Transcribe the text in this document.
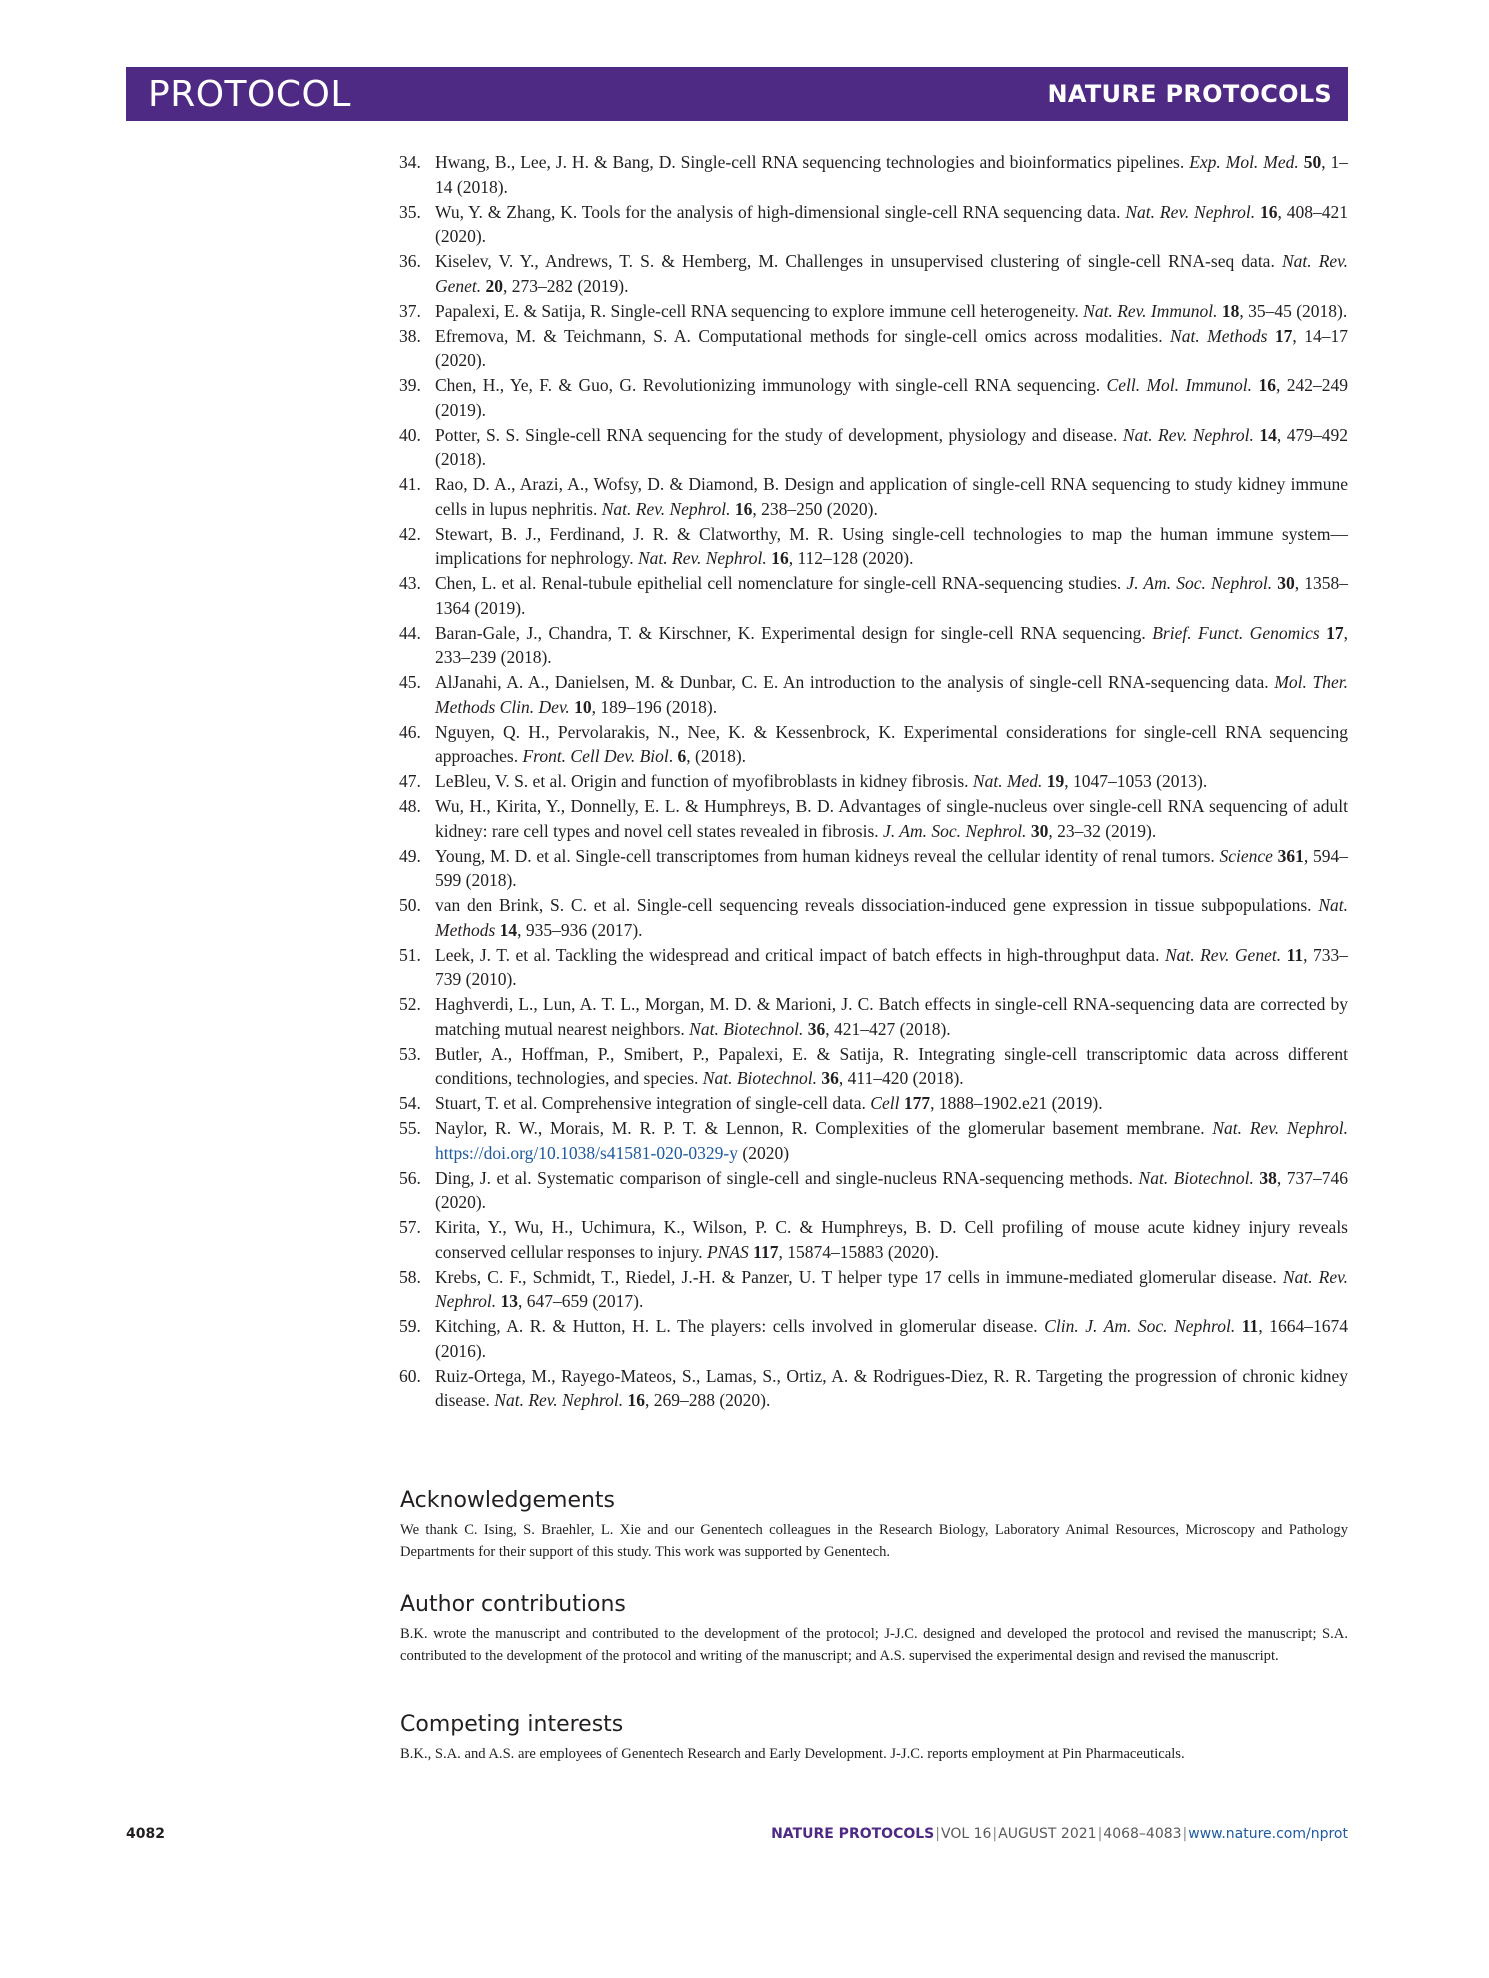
PROTOCOL	NATURE PROTOCOLS
34. Hwang, B., Lee, J. H. & Bang, D. Single-cell RNA sequencing technologies and bioinformatics pipelines. Exp. Mol. Med. 50, 1–14 (2018).
35. Wu, Y. & Zhang, K. Tools for the analysis of high-dimensional single-cell RNA sequencing data. Nat. Rev. Nephrol. 16, 408–421 (2020).
36. Kiselev, V. Y., Andrews, T. S. & Hemberg, M. Challenges in unsupervised clustering of single-cell RNA-seq data. Nat. Rev. Genet. 20, 273–282 (2019).
37. Papalexi, E. & Satija, R. Single-cell RNA sequencing to explore immune cell heterogeneity. Nat. Rev. Immunol. 18, 35–45 (2018).
38. Efremova, M. & Teichmann, S. A. Computational methods for single-cell omics across modalities. Nat. Methods 17, 14–17 (2020).
39. Chen, H., Ye, F. & Guo, G. Revolutionizing immunology with single-cell RNA sequencing. Cell. Mol. Immunol. 16, 242–249 (2019).
40. Potter, S. S. Single-cell RNA sequencing for the study of development, physiology and disease. Nat. Rev. Nephrol. 14, 479–492 (2018).
41. Rao, D. A., Arazi, A., Wofsy, D. & Diamond, B. Design and application of single-cell RNA sequencing to study kidney immune cells in lupus nephritis. Nat. Rev. Nephrol. 16, 238–250 (2020).
42. Stewart, B. J., Ferdinand, J. R. & Clatworthy, M. R. Using single-cell technologies to map the human immune system—implications for nephrology. Nat. Rev. Nephrol. 16, 112–128 (2020).
43. Chen, L. et al. Renal-tubule epithelial cell nomenclature for single-cell RNA-sequencing studies. J. Am. Soc. Nephrol. 30, 1358–1364 (2019).
44. Baran-Gale, J., Chandra, T. & Kirschner, K. Experimental design for single-cell RNA sequencing. Brief. Funct. Genomics 17, 233–239 (2018).
45. AlJanahi, A. A., Danielsen, M. & Dunbar, C. E. An introduction to the analysis of single-cell RNA-sequencing data. Mol. Ther. Methods Clin. Dev. 10, 189–196 (2018).
46. Nguyen, Q. H., Pervolarakis, N., Nee, K. & Kessenbrock, K. Experimental considerations for single-cell RNA sequencing approaches. Front. Cell Dev. Biol. 6, (2018).
47. LeBleu, V. S. et al. Origin and function of myofibroblasts in kidney fibrosis. Nat. Med. 19, 1047–1053 (2013).
48. Wu, H., Kirita, Y., Donnelly, E. L. & Humphreys, B. D. Advantages of single-nucleus over single-cell RNA sequencing of adult kidney: rare cell types and novel cell states revealed in fibrosis. J. Am. Soc. Nephrol. 30, 23–32 (2019).
49. Young, M. D. et al. Single-cell transcriptomes from human kidneys reveal the cellular identity of renal tumors. Science 361, 594–599 (2018).
50. van den Brink, S. C. et al. Single-cell sequencing reveals dissociation-induced gene expression in tissue subpopulations. Nat. Methods 14, 935–936 (2017).
51. Leek, J. T. et al. Tackling the widespread and critical impact of batch effects in high-throughput data. Nat. Rev. Genet. 11, 733–739 (2010).
52. Haghverdi, L., Lun, A. T. L., Morgan, M. D. & Marioni, J. C. Batch effects in single-cell RNA-sequencing data are corrected by matching mutual nearest neighbors. Nat. Biotechnol. 36, 421–427 (2018).
53. Butler, A., Hoffman, P., Smibert, P., Papalexi, E. & Satija, R. Integrating single-cell transcriptomic data across different conditions, technologies, and species. Nat. Biotechnol. 36, 411–420 (2018).
54. Stuart, T. et al. Comprehensive integration of single-cell data. Cell 177, 1888–1902.e21 (2019).
55. Naylor, R. W., Morais, M. R. P. T. & Lennon, R. Complexities of the glomerular basement membrane. Nat. Rev. Nephrol. https://doi.org/10.1038/s41581-020-0329-y (2020)
56. Ding, J. et al. Systematic comparison of single-cell and single-nucleus RNA-sequencing methods. Nat. Biotechnol. 38, 737–746 (2020).
57. Kirita, Y., Wu, H., Uchimura, K., Wilson, P. C. & Humphreys, B. D. Cell profiling of mouse acute kidney injury reveals conserved cellular responses to injury. PNAS 117, 15874–15883 (2020).
58. Krebs, C. F., Schmidt, T., Riedel, J.-H. & Panzer, U. T helper type 17 cells in immune-mediated glomerular disease. Nat. Rev. Nephrol. 13, 647–659 (2017).
59. Kitching, A. R. & Hutton, H. L. The players: cells involved in glomerular disease. Clin. J. Am. Soc. Nephrol. 11, 1664–1674 (2016).
60. Ruiz-Ortega, M., Rayego-Mateos, S., Lamas, S., Ortiz, A. & Rodrigues-Diez, R. R. Targeting the progression of chronic kidney disease. Nat. Rev. Nephrol. 16, 269–288 (2020).
Acknowledgements

We thank C. Ising, S. Braehler, L. Xie and our Genentech colleagues in the Research Biology, Laboratory Animal Resources, Microscopy and Pathology Departments for their support of this study. This work was supported by Genentech.

Author contributions

B.K. wrote the manuscript and contributed to the development of the protocol; J-J.C. designed and developed the protocol and revised the manuscript; S.A. contributed to the development of the protocol and writing of the manuscript; and A.S. supervised the experimental design and revised the manuscript.

Competing interests

B.K., S.A. and A.S. are employees of Genentech Research and Early Development. J-J.C. reports employment at Pin Pharmaceuticals.

4082	NATURE PROTOCOLS|VOL 16|AUGUST 2021|4068–4083|www.nature.com/nprot
